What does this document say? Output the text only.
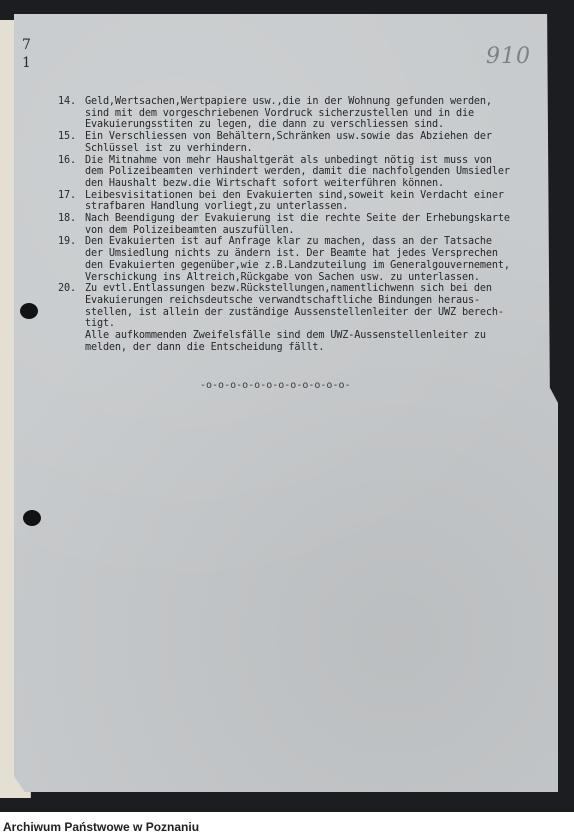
7
1	910
14. Geld,Wertsachen,Wertpapiere usw.,die in der Wohnung gefunden werden,
sind mit dem vorgeschriebenen Vordruck sicherzustellen und in die
Evakuierungsstiten zu legen, die dann zu verschliessen sind.
15. Ein Verschliessen von Behältern,Schränken usw.sowie das Abziehen der
Schlüssel ist zu verhindern.
16. Die Mitnahme von mehr Haushaltgerät als unbedingt nötig ist muss von
dem Polizeibeamten verhindert werden, damit die nachfolgenden Umsiedler
den Haushalt bezw.die Wirtschaft sofort weiterführen können.
17. Leibesvisitationen bei den Evakuierten sind,soweit kein Verdacht einer
strafbaren Handlung vorliegt,zu unterlassen.
18. Nach Beendigung der Evakuierung ist die rechte Seite der Erhebungskarte
von dem Polizeibeamten auszufüllen.
19. Den Evakuierten ist auf Anfrage klar zu machen, dass an der Tatsache
der Umsiedlung nichts zu ändern ist. Der Beamte hat jedes Versprechen
den Evakuierten gegenüber,wie z.B.Landzuteilung im Generalgouvernement,
Verschickung ins Altreich,Rückgabe von Sachen usw. zu unterlassen.
20. Zu evtl.Entlassungen bezw.Rückstellungen,namentlichwenn sich bei den
Evakuierungen reichsdeutsche verwandtschaftliche Bindungen heraus-
stellen, ist allein der zuständige Aussenstellenleiter der UWZ berech-
tigt.
Alle aufkommenden Zweifelsfälle sind dem UWZ-Aussenstellenleiter zu
melden, der dann die Entscheidung fällt.
-o-o-o-o-o-o-o-o-o-o-o-o-
Archiwum Państwowe w Poznaniu
